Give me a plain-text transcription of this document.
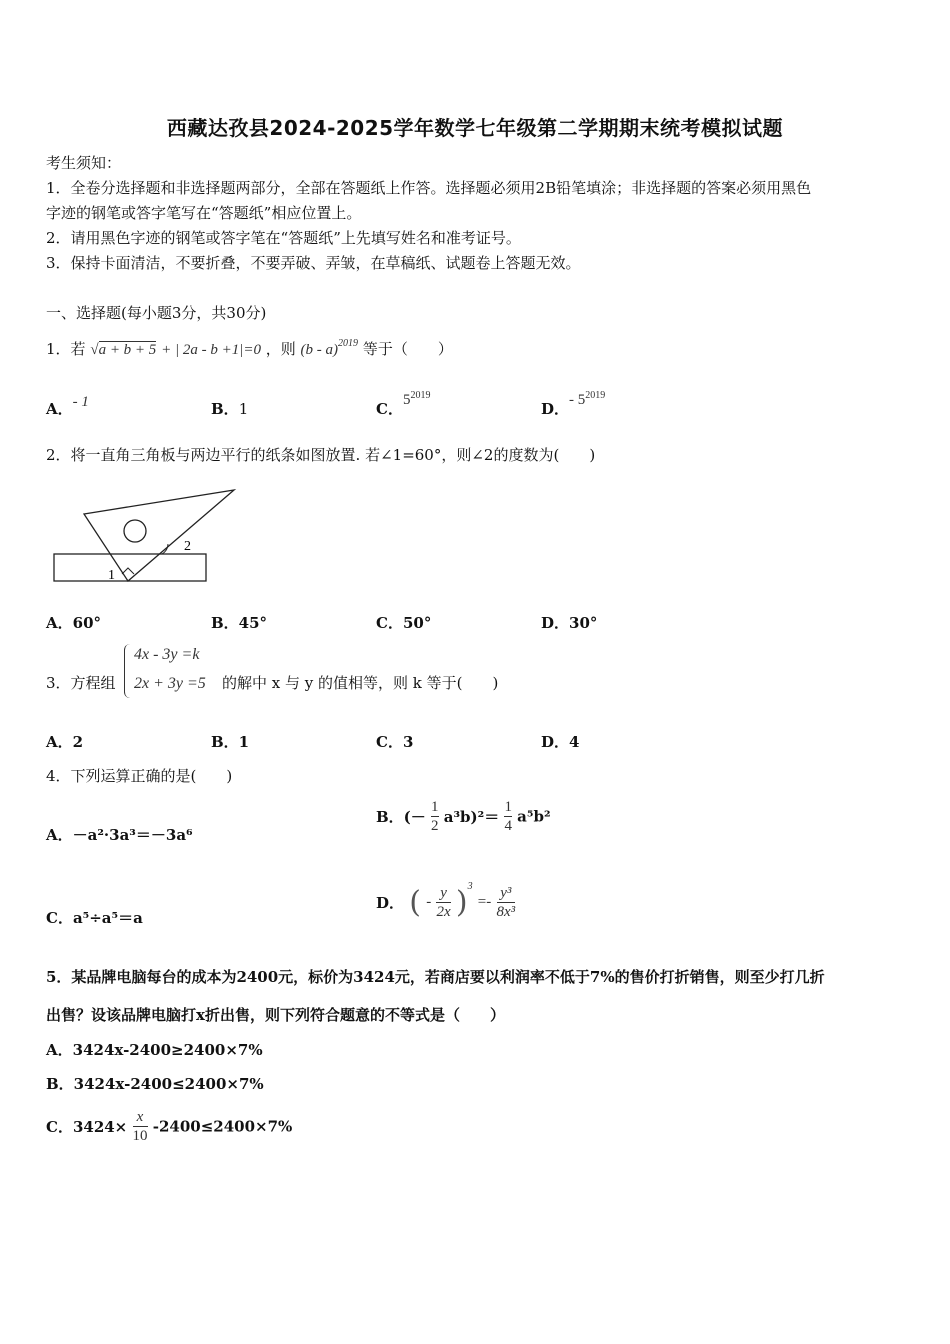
西藏达孜县2024-2025学年数学七年级第二学期期末统考模拟试题
考生须知：
1．全卷分选择题和非选择题两部分，全部在答题纸上作答。选择题必须用2B铅笔填涂；非选择题的答案必须用黑色
字迹的钢笔或答字笔写在“答题纸”相应位置上。
2．请用黑色字迹的钢笔或答字笔在“答题纸”上先填写姓名和准考证号。
3．保持卡面清洁，不要折叠，不要弄破、弄皱，在草稿纸、试题卷上答题无效。
一、选择题(每小题3分，共30分)
1．若 √a + b + 5 + | 2a - b +1|=0 ，则 (b - a)$^{2019}$ 等于（　　）
A．- 1	B．1	C．$5^{2019}$
D．- $5^{2019}$
2．将一直角三角板与两边平行的纸条如图放置. 若∠1=60°，则∠2的度数为(　　)
1
2
A．60°	B．45°	C．50°	D．30°
3．方程组
4x - 3y =k
2x + 3y =5 的解中 x 与 y 的值相等，则 k 等于(　　)
A．2	B．1	C．3	D．4
4．下列运算正确的是(　　)
A．－a²·3a³＝－3a⁶
B．(－ $\frac{1}{2} a^3b)^2= \frac{1}{4} a^5b^2$
C．a⁵÷a⁵＝a
D． ( - $\frac{y}{2x} )^3 =- \frac{\text{y³}}{\text{8x³}}$
5．某品牌电脑每台的成本为2400元，标价为3424元，若商店要以利润率不低于7%的售价打折销售，则至少打几折
出售？设该品牌电脑打x折出售，则下列符合题意的不等式是（　　）
A．3424x-2400≥2400×7%
B．3424x-2400≤2400×7%
C．$3424\times \frac{x}{10} -2400\le 2400\times 7\%$
